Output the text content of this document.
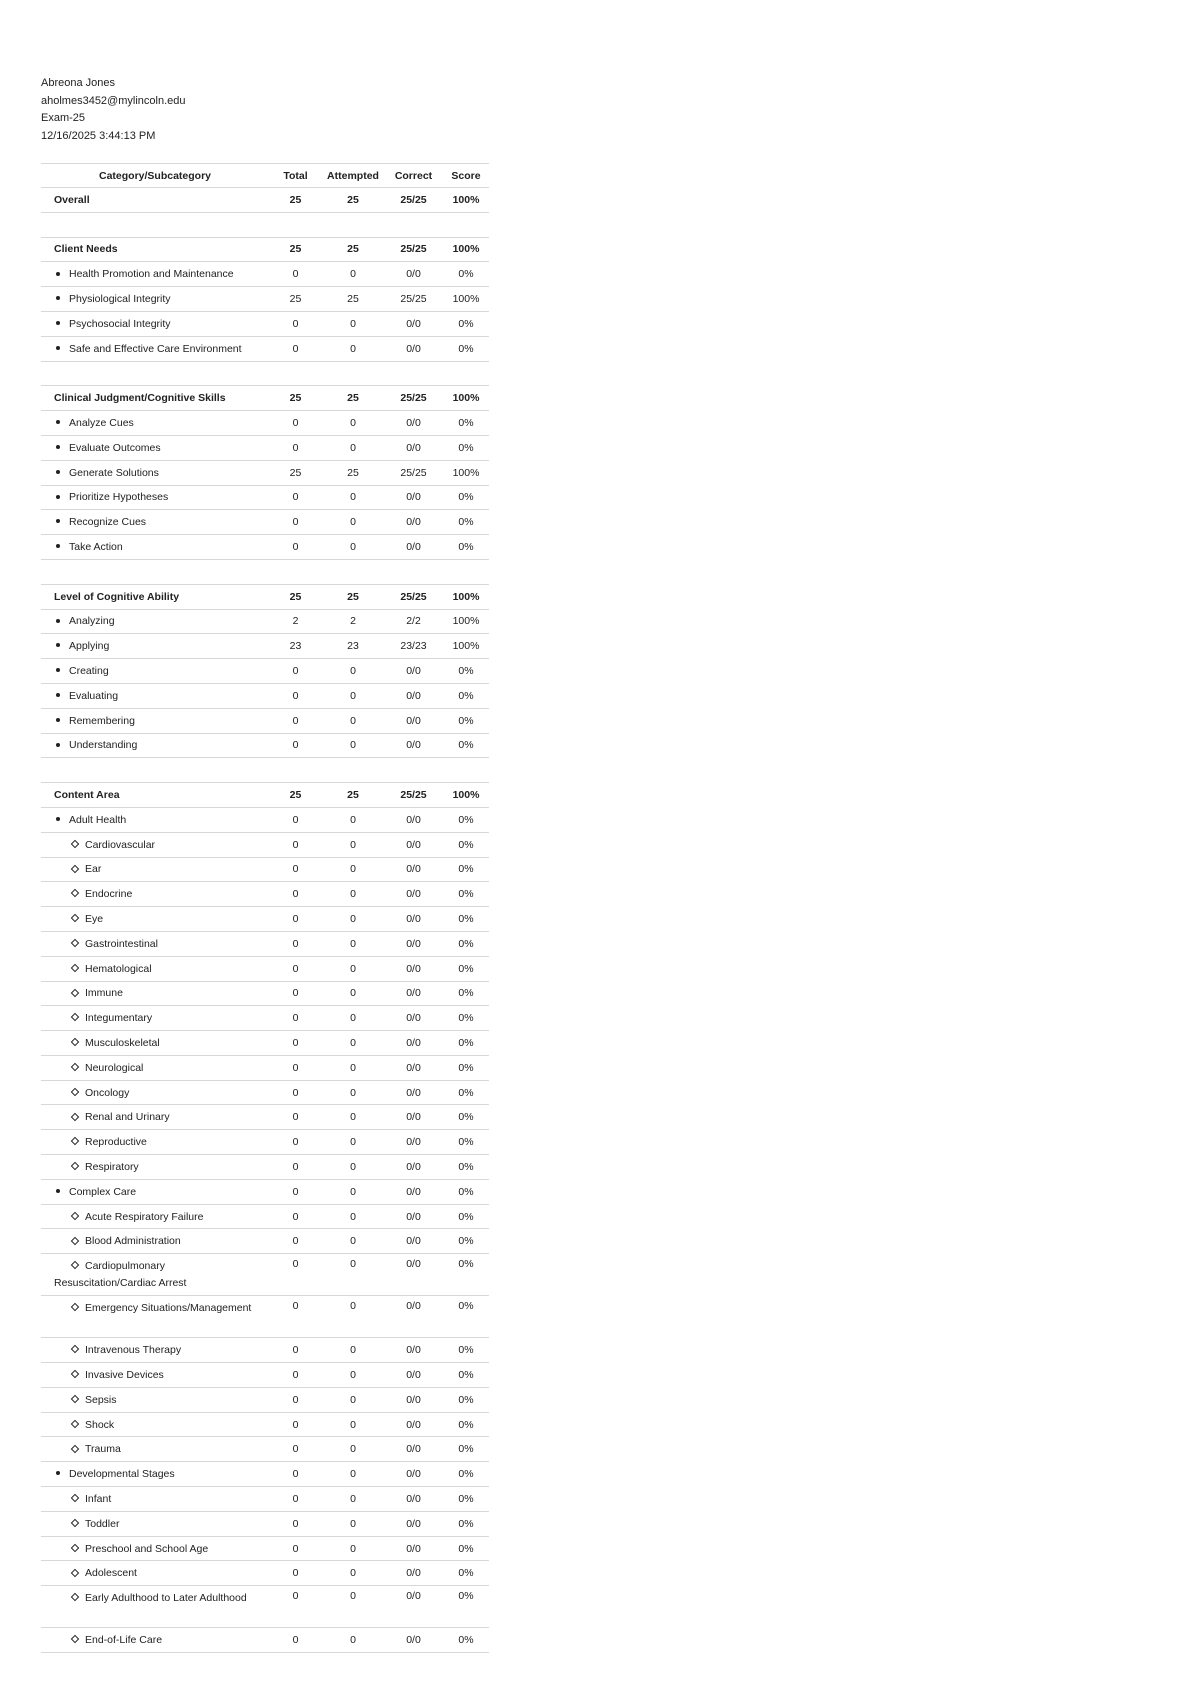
Abreona Jones
aholmes3452@mylincoln.edu
Exam-25
12/16/2025 3:44:13 PM
Category/Subcategory	Total	Attempted	Correct	Score
Overall	25	25	25/25	100%

Client Needs	25	25	25/25	100%
Health Promotion and Maintenance	0	0	0/0	0%
Physiological Integrity	25	25	25/25	100%
Psychosocial Integrity	0	0	0/0	0%
Safe and Effective Care Environment	0	0	0/0	0%

Clinical Judgment/Cognitive Skills	25	25	25/25	100%
Analyze Cues	0	0	0/0	0%
Evaluate Outcomes	0	0	0/0	0%
Generate Solutions	25	25	25/25	100%
Prioritize Hypotheses	0	0	0/0	0%
Recognize Cues	0	0	0/0	0%
Take Action	0	0	0/0	0%

Level of Cognitive Ability	25	25	25/25	100%
Analyzing	2	2	2/2	100%
Applying	23	23	23/23	100%
Creating	0	0	0/0	0%
Evaluating	0	0	0/0	0%
Remembering	0	0	0/0	0%
Understanding	0	0	0/0	0%

Content Area	25	25	25/25	100%
Adult Health	0	0	0/0	0%
Cardiovascular	0	0	0/0	0%
Ear	0	0	0/0	0%
Endocrine	0	0	0/0	0%
Eye	0	0	0/0	0%
Gastrointestinal	0	0	0/0	0%
Hematological	0	0	0/0	0%
Immune	0	0	0/0	0%
Integumentary	0	0	0/0	0%
Musculoskeletal	0	0	0/0	0%
Neurological	0	0	0/0	0%
Oncology	0	0	0/0	0%
Renal and Urinary	0	0	0/0	0%
Reproductive	0	0	0/0	0%
Respiratory	0	0	0/0	0%
Complex Care	0	0	0/0	0%
Acute Respiratory Failure	0	0	0/0	0%
Blood Administration	0	0	0/0	0%
Cardiopulmonary Resuscitation/Cardiac Arrest	0	0	0/0	0%
Emergency Situations/Management	0	0	0/0	0%
Intravenous Therapy	0	0	0/0	0%
Invasive Devices	0	0	0/0	0%
Sepsis	0	0	0/0	0%
Shock	0	0	0/0	0%
Trauma	0	0	0/0	0%
Developmental Stages	0	0	0/0	0%
Infant	0	0	0/0	0%
Toddler	0	0	0/0	0%
Preschool and School Age	0	0	0/0	0%
Adolescent	0	0	0/0	0%
Early Adulthood to Later Adulthood	0	0	0/0	0%
End-of-Life Care	0	0	0/0	0%
